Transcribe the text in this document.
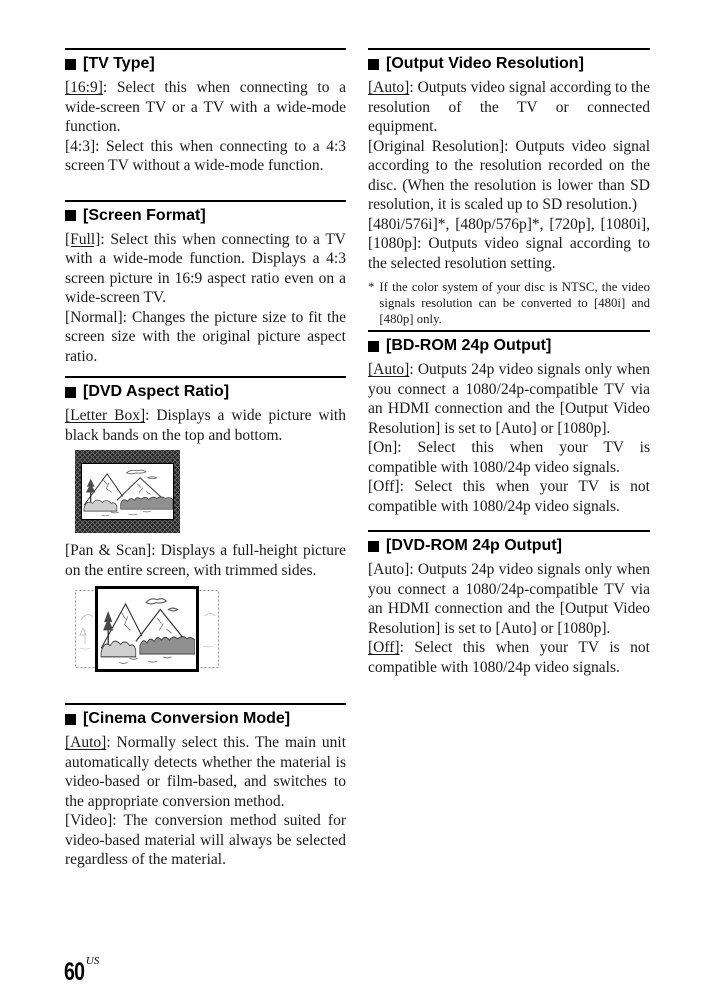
[TV Type]

[16:9]: Select this when connecting to a wide-screen TV or a TV with a wide-mode function.

[4:3]: Select this when connecting to a 4:3 screen TV without a wide-mode function.

[Screen Format]

[Full]: Select this when connecting to a TV with a wide-mode function. Displays a 4:3 screen picture in 16:9 aspect ratio even on a wide-screen TV.

[Normal]: Changes the picture size to fit the screen size with the original picture aspect ratio.

[DVD Aspect Ratio]

[Letter Box]: Displays a wide picture with black bands on the top and bottom.

[Pan & Scan]: Displays a full-height picture on the entire screen, with trimmed sides.

[Cinema Conversion Mode]

[Auto]: Normally select this. The main unit automatically detects whether the material is video-based or film-based, and switches to the appropriate conversion method.

[Video]: The conversion method suited for video-based material will always be selected regardless of the material.

[Output Video Resolution]

[Auto]: Outputs video signal according to the resolution of the TV or connected equipment.

[Original Resolution]: Outputs video signal according to the resolution recorded on the disc. (When the resolution is lower than SD resolution, it is scaled up to SD resolution.)

[480i/576i]*, [480p/576p]*, [720p], [1080i], [1080p]: Outputs video signal according to the selected resolution setting.

* If the color system of your disc is NTSC, the video signals resolution can be converted to [480i] and [480p] only.
[BD-ROM 24p Output]

[Auto]: Outputs 24p video signals only when you connect a 1080/24p-compatible TV via an HDMI connection and the [Output Video Resolution] is set to [Auto] or [1080p].

[On]: Select this when your TV is compatible with 1080/24p video signals.

[Off]: Select this when your TV is not compatible with 1080/24p video signals.

[DVD-ROM 24p Output]

[Auto]: Outputs 24p video signals only when you connect a 1080/24p-compatible TV via an HDMI connection and the [Output Video Resolution] is set to [Auto] or [1080p].

[Off]: Select this when your TV is not compatible with 1080/24p video signals.

60 $^{US}$
